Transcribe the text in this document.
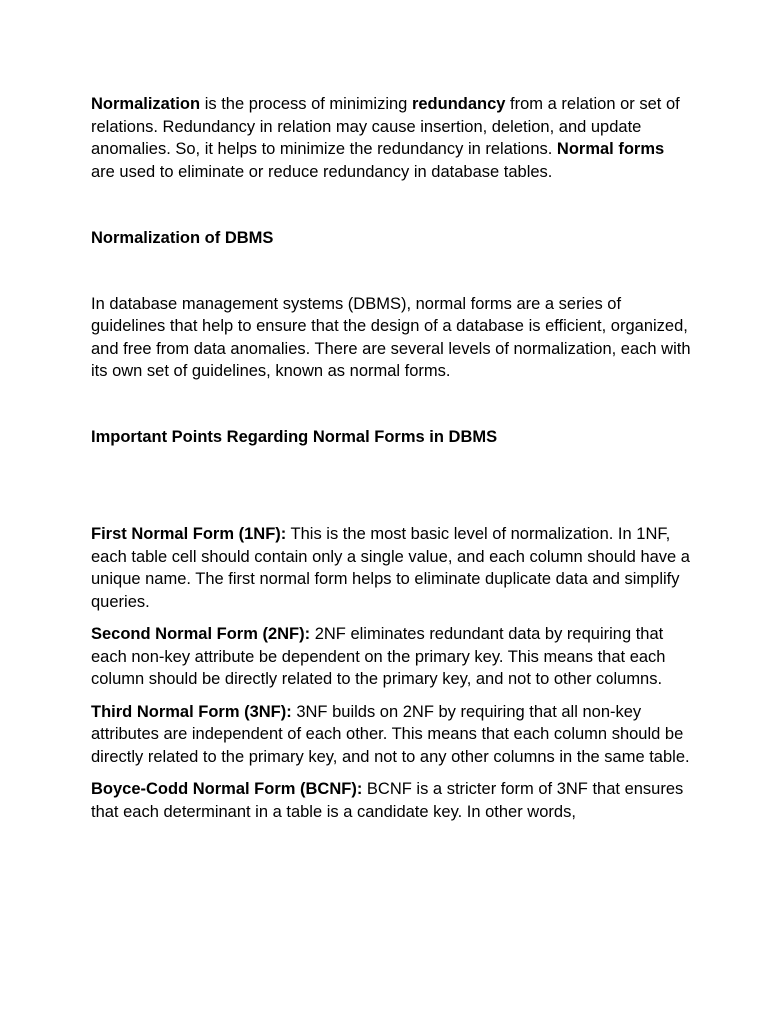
Normalization is the process of minimizing redundancy from a relation or set of relations. Redundancy in relation may cause insertion, deletion, and update anomalies. So, it helps to minimize the redundancy in relations. Normal forms are used to eliminate or reduce redundancy in database tables.

Normalization of DBMS

In database management systems (DBMS), normal forms are a series of guidelines that help to ensure that the design of a database is efficient, organized, and free from data anomalies. There are several levels of normalization, each with its own set of guidelines, known as normal forms.

Important Points Regarding Normal Forms in DBMS

First Normal Form (1NF): This is the most basic level of normalization. In 1NF, each table cell should contain only a single value, and each column should have a unique name. The first normal form helps to eliminate duplicate data and simplify queries.

Second Normal Form (2NF): 2NF eliminates redundant data by requiring that each non-key attribute be dependent on the primary key. This means that each column should be directly related to the primary key, and not to other columns.

Third Normal Form (3NF): 3NF builds on 2NF by requiring that all non-key attributes are independent of each other. This means that each column should be directly related to the primary key, and not to any other columns in the same table.

Boyce-Codd Normal Form (BCNF): BCNF is a stricter form of 3NF that ensures that each determinant in a table is a candidate key. In other words,
